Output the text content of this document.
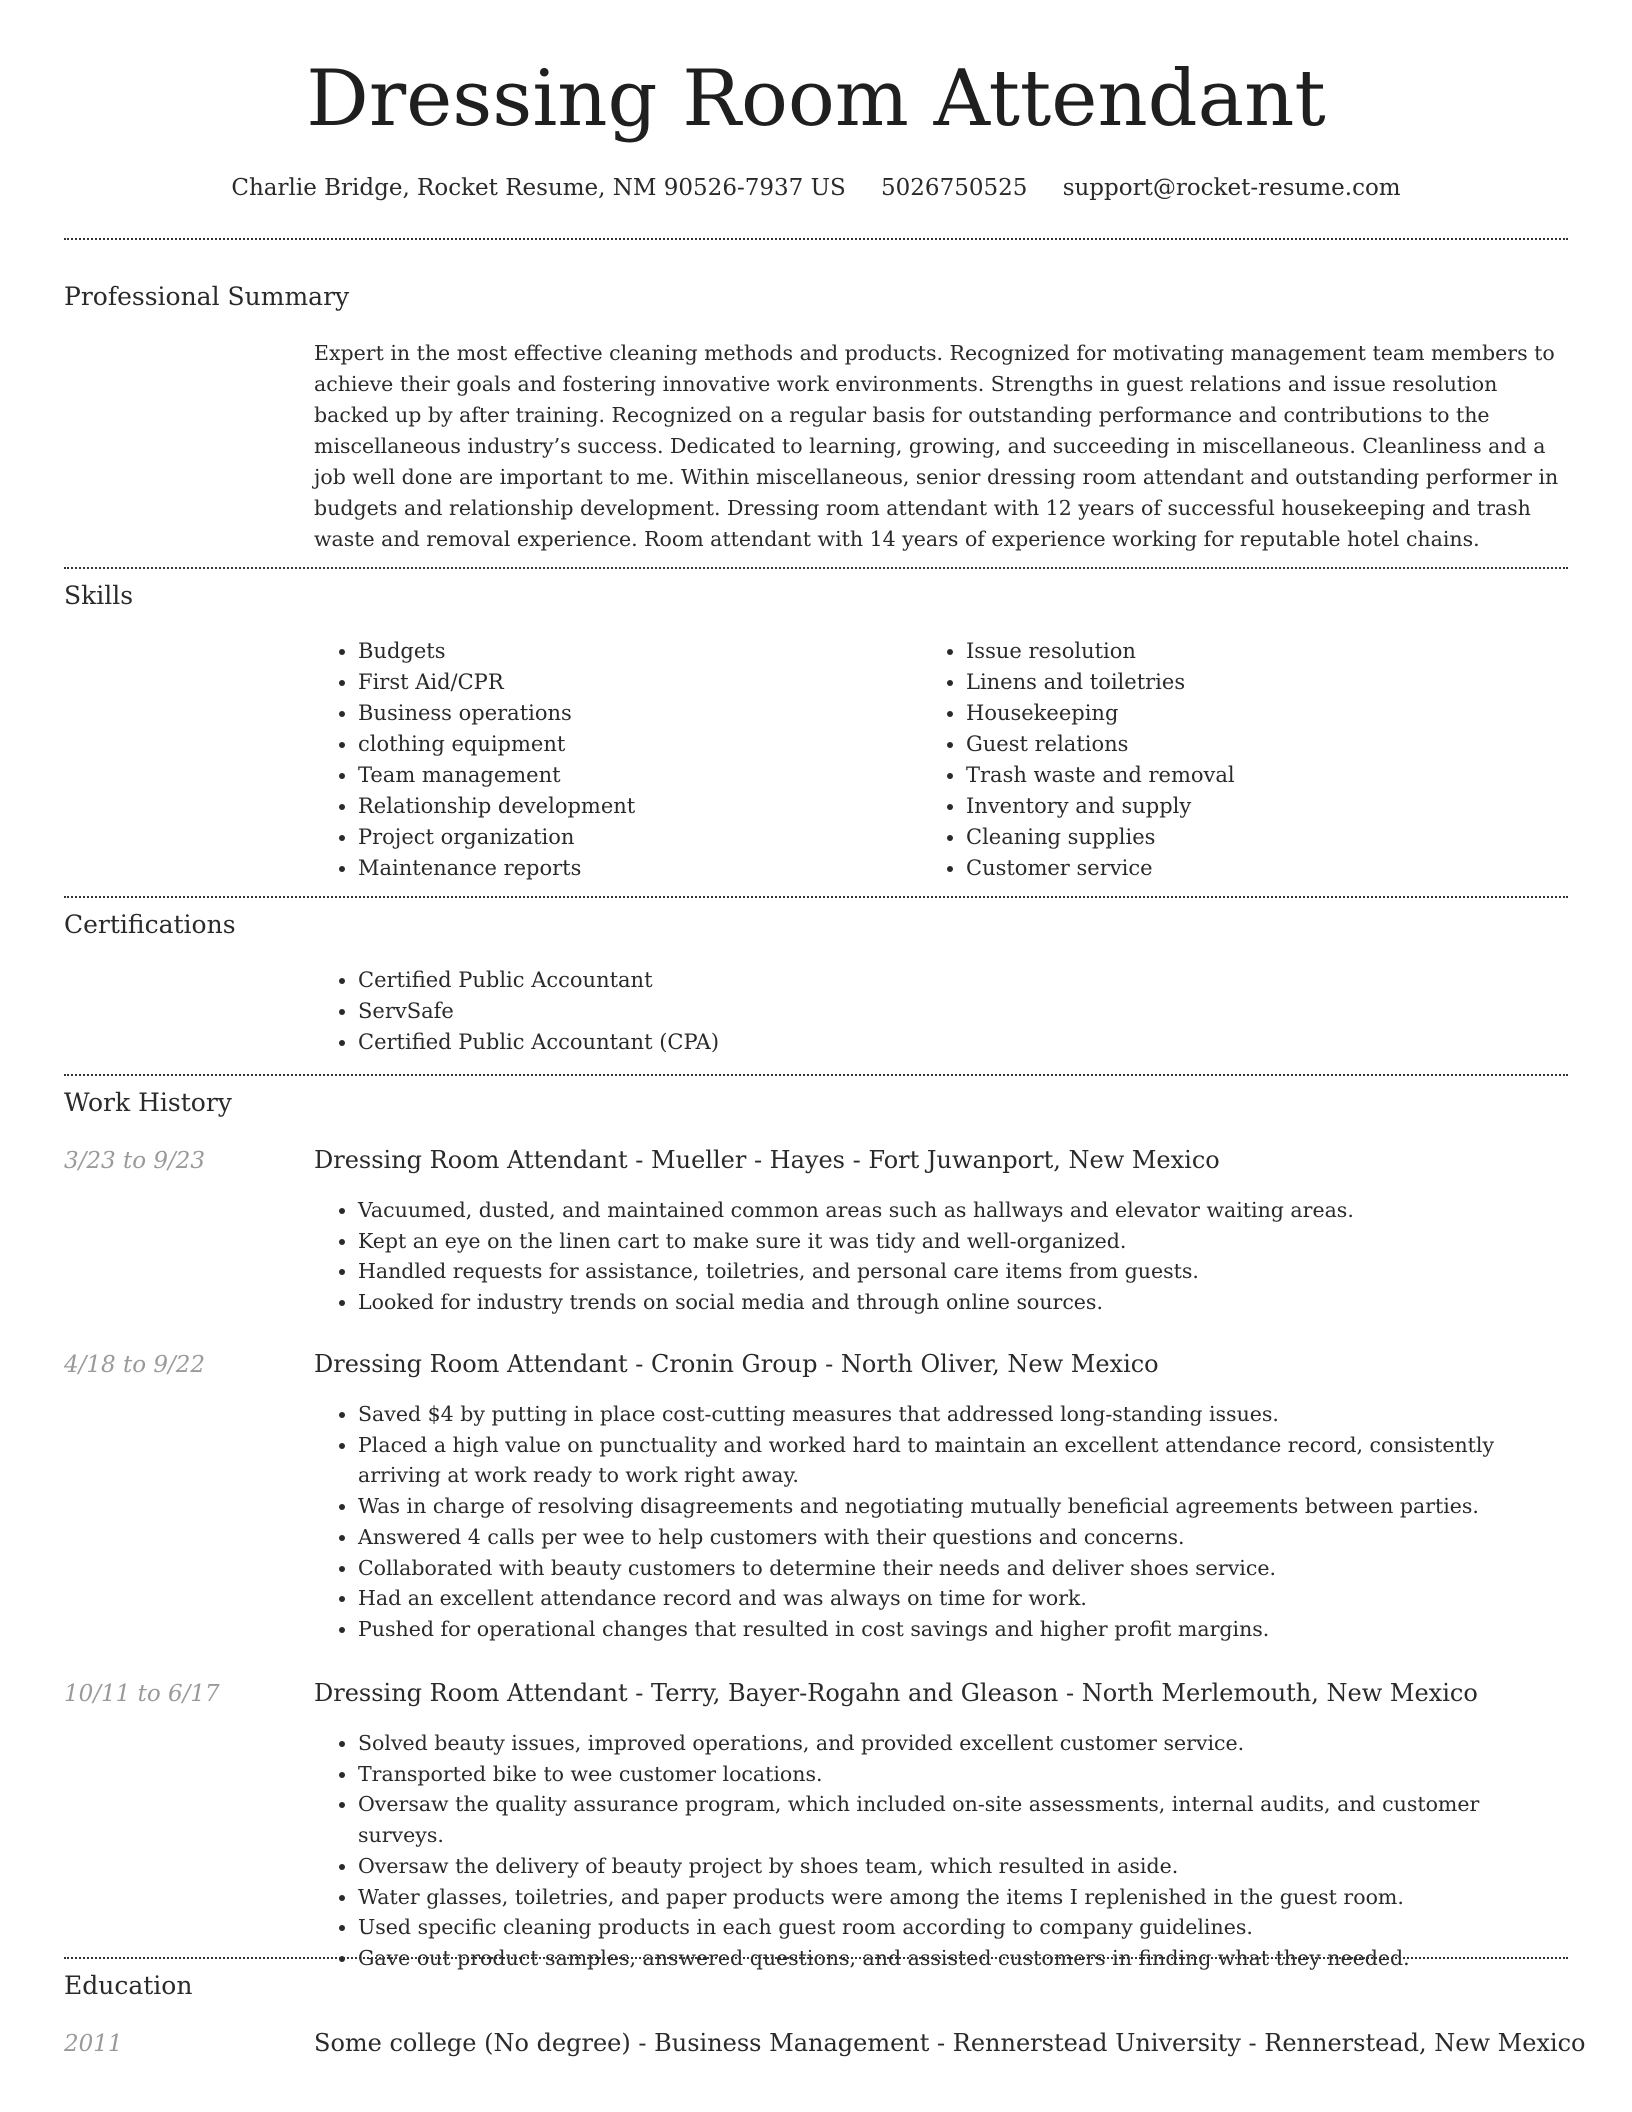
Dressing Room Attendant
Charlie Bridge, Rocket Resume, NM 90526-7937 US 5026750525 support@rocket-resume.com
Professional Summary
Expert in the most effective cleaning methods and products. Recognized for motivating management team members to achieve their goals and fostering innovative work environments. Strengths in guest relations and issue resolution backed up by after training. Recognized on a regular basis for outstanding performance and contributions to the miscellaneous industry’s success. Dedicated to learning, growing, and succeeding in miscellaneous. Cleanliness and a job well done are important to me. Within miscellaneous, senior dressing room attendant and outstanding performer in budgets and relationship development. Dressing room attendant with 12 years of successful housekeeping and trash waste and removal experience. Room attendant with 14 years of experience working for reputable hotel chains.
Skills
• Budgets
• First Aid/CPR
• Business operations
• clothing equipment
• Team management
• Relationship development
• Project organization
• Maintenance reports
• Issue resolution
• Linens and toiletries
• Housekeeping
• Guest relations
• Trash waste and removal
• Inventory and supply
• Cleaning supplies
• Customer service
Certifications
• Certified Public Accountant
• ServSafe
• Certified Public Accountant (CPA)
Work History
3/23 to 9/23	Dressing Room Attendant - Mueller - Hayes - Fort Juwanport, New Mexico
• Vacuumed, dusted, and maintained common areas such as hallways and elevator waiting areas.
• Kept an eye on the linen cart to make sure it was tidy and well-organized.
• Handled requests for assistance, toiletries, and personal care items from guests.
• Looked for industry trends on social media and through online sources.
4/18 to 9/22	Dressing Room Attendant - Cronin Group - North Oliver, New Mexico
• Saved $4 by putting in place cost-cutting measures that addressed long-standing issues.
• Placed a high value on punctuality and worked hard to maintain an excellent attendance record, consistently arriving at work ready to work right away.
• Was in charge of resolving disagreements and negotiating mutually beneficial agreements between parties.
• Answered 4 calls per wee to help customers with their questions and concerns.
• Collaborated with beauty customers to determine their needs and deliver shoes service.
• Had an excellent attendance record and was always on time for work.
• Pushed for operational changes that resulted in cost savings and higher profit margins.
10/11 to 6/17	Dressing Room Attendant - Terry, Bayer-Rogahn and Gleason - North Merlemouth, New Mexico
• Solved beauty issues, improved operations, and provided excellent customer service.
• Transported bike to wee customer locations.
• Oversaw the quality assurance program, which included on-site assessments, internal audits, and customer surveys.
• Oversaw the delivery of beauty project by shoes team, which resulted in aside.
• Water glasses, toiletries, and paper products were among the items I replenished in the guest room.
• Used specific cleaning products in each guest room according to company guidelines.
• Gave out product samples, answered questions, and assisted customers in finding what they needed.
Education
2011	Some college (No degree) - Business Management - Rennerstead University - Rennerstead, New Mexico
